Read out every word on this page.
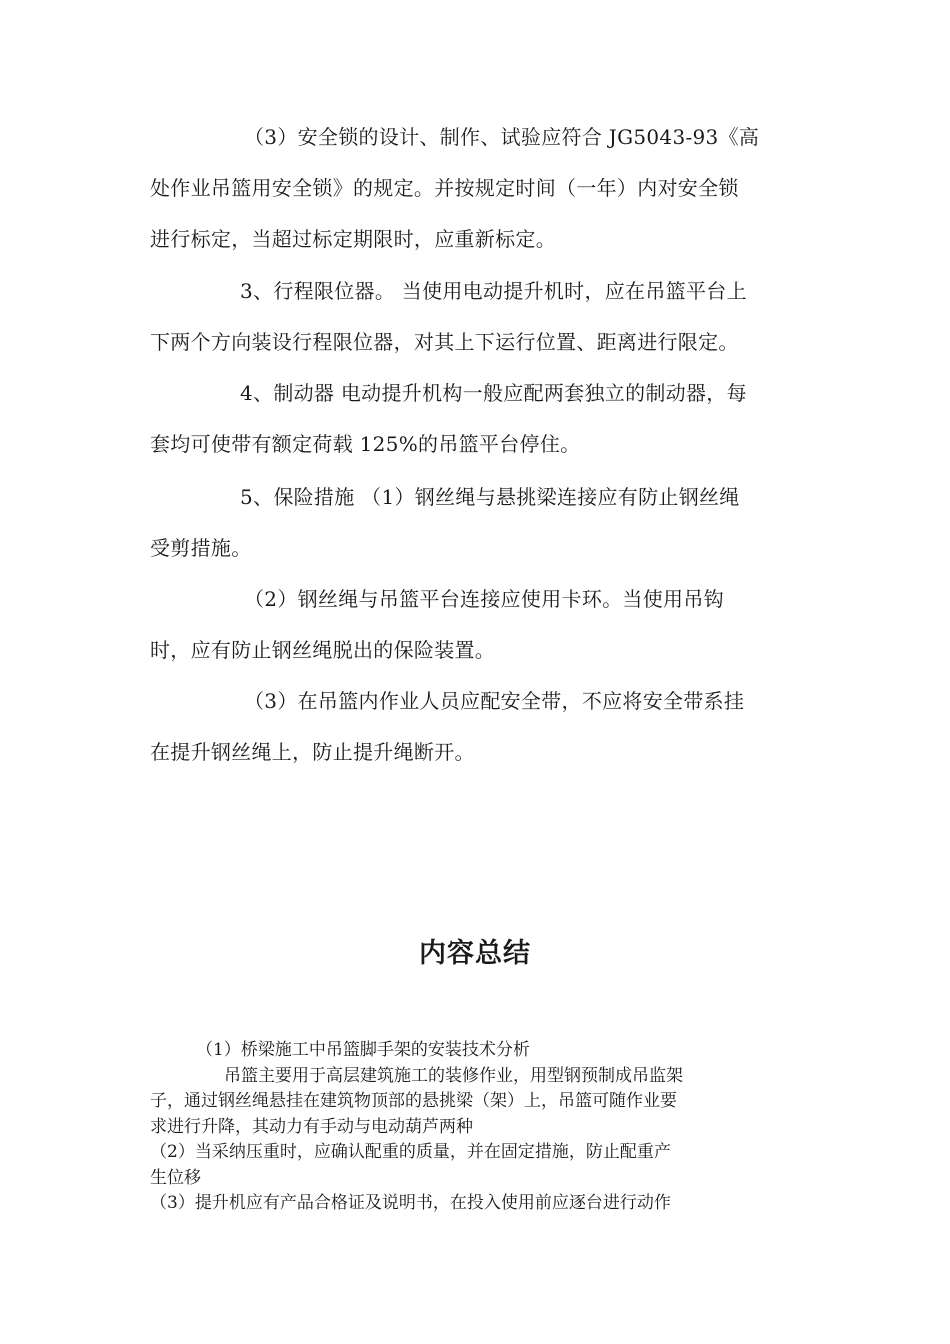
（3）安全锁的设计、制作、试验应符合 JG5043-93《高

处作业吊篮用安全锁》的规定。并按规定时间（一年）内对安全锁

进行标定，当超过标定期限时，应重新标定。

3、行程限位器。 当使用电动提升机时，应在吊篮平台上

下两个方向装设行程限位器，对其上下运行位置、距离进行限定。

4、制动器 电动提升机构一般应配两套独立的制动器，每

套均可使带有额定荷载 125%的吊篮平台停住。

5、保险措施 （1）钢丝绳与悬挑梁连接应有防止钢丝绳

受剪措施。

（2）钢丝绳与吊篮平台连接应使用卡环。当使用吊钩

时，应有防止钢丝绳脱出的保险装置。

（3）在吊篮内作业人员应配安全带，不应将安全带系挂

在提升钢丝绳上，防止提升绳断开。

内容总结

（1）桥梁施工中吊篮脚手架的安装技术分析

吊篮主要用于高层建筑施工的装修作业，用型钢预制成吊监架

子，通过钢丝绳悬挂在建筑物顶部的悬挑梁（架）上，吊篮可随作业要

求进行升降，其动力有手动与电动葫芦两种

（2）当采纳压重时，应确认配重的质量，并在固定措施，防止配重产

生位移

（3）提升机应有产品合格证及说明书，在投入使用前应逐台进行动作
